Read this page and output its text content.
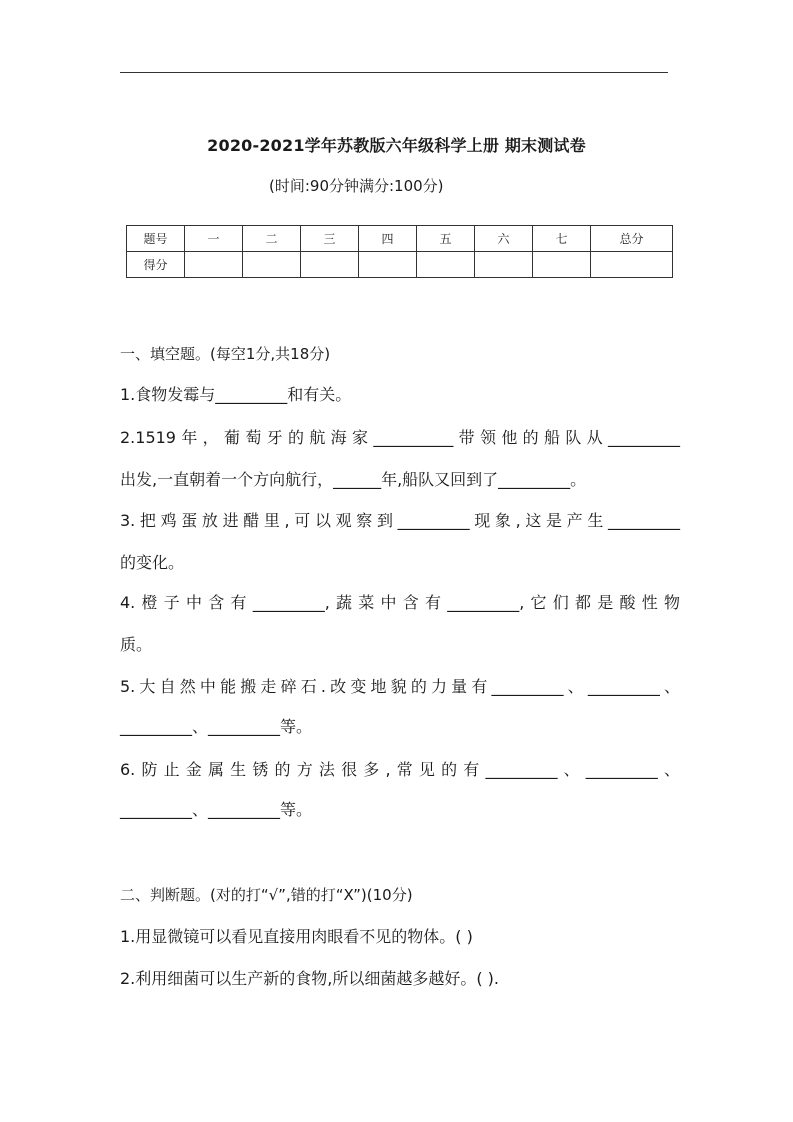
2020-2021学年苏教版六年级科学上册 期末测试卷
(时间:90分钟满分:100分)
题号	一	二	三	四	五	六	七	总分
得分								
一、填空题。(每空1分,共18分)
1.食物发霉与_________和有关。
2.1519年，葡萄牙的航海家__________带领他的船队从_________
出发,一直朝着一个方向航行，______年,船队又回到了_________。
3.把鸡蛋放进醋里,可以观察到_________现象,这是产生_________
的变化。
4.橙子中含有_________,蔬菜中含有_________,它们都是酸性物
质。
5.大自然中能搬走碎石.改变地貌的力量有_________、_________、
_________、_________等。
6.防止金属生锈的方法很多,常见的有_________、_________、
_________、_________等。
二、判断题。(对的打“√”,错的打“X”)(10分)
1.用显微镜可以看见直接用肉眼看不见的物体。( )
2.利用细菌可以生产新的食物,所以细菌越多越好。( ).
